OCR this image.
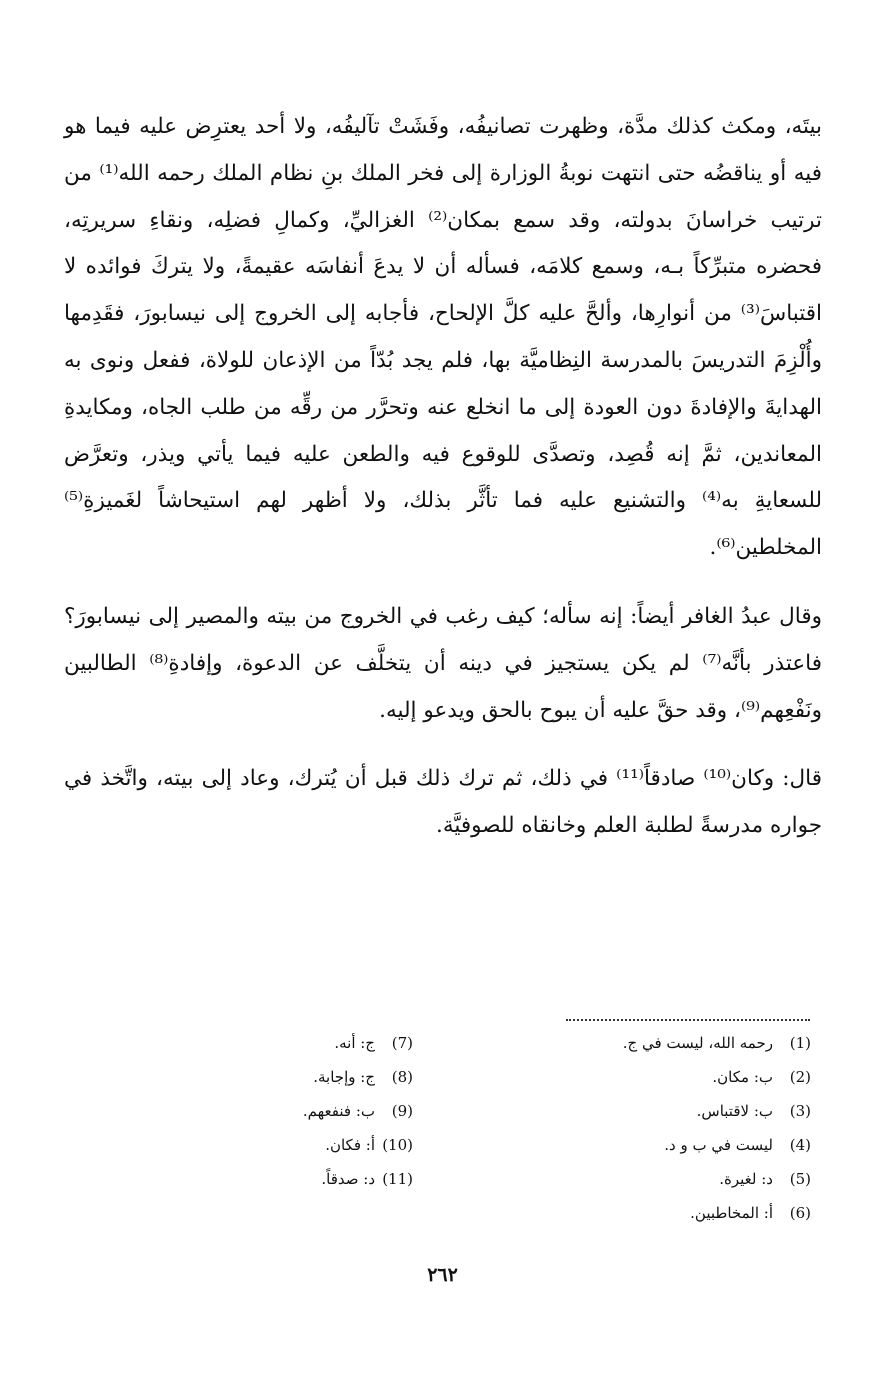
بيتَه، ومكث كذلك مدَّة، وظهرت تصانيفُه، وفَشَتْ تآليفُه، ولا أحد يعترِض عليه فيما هو فيه أو يناقضُه حتى انتهت نوبةُ الوزارة إلى فخر الملك بنِ نظام الملك رحمه الله⁽¹⁾ من ترتيب خراسانَ بدولته، وقد سمع بمكان⁽²⁾ الغزاليِّ، وكمالِ فضلِه، ونقاءِ سريرتِه، فحضره متبرِّكاً بـه، وسمع كلامَه، فسأله أن لا يدعَ أنفاسَه عقيمةً، ولا يتركَ فوائده لا اقتباسَ⁽³⁾ من أنوارِها، وألحَّ عليه كلَّ الإلحاح، فأجابه إلى الخروج إلى نيسابورَ، فقَدِمها وأُلْزِمَ التدريسَ بالمدرسة النِظاميَّة بها، فلم يجد بُدّاً من الإذعان للولاة، ففعل ونوى به الهدايةَ والإفادةَ دون العودة إلى ما انخلع عنه وتحرَّر من رقِّه من طلب الجاه، ومكايدةِ المعاندين، ثمَّ إنه قُصِد، وتصدَّى للوقوع فيه والطعن عليه فيما يأتي ويذر، وتعرَّض للسعايةِ به⁽⁴⁾ والتشنيع عليه فما تأثَّر بذلك، ولا أظهر لهم استيحاشاً لغَميزةِ⁽⁵⁾ المخلطين⁽⁶⁾.

وقال عبدُ الغافر أيضاً: إنه سأله؛ كيف رغب في الخروج من بيته والمصير إلى نيسابورَ؟ فاعتذر بأنَّه⁽⁷⁾ لم يكن يستجيز في دينه أن يتخلَّف عن الدعوة، وإفادةِ⁽⁸⁾ الطالبين ونَفْعِهم⁽⁹⁾، وقد حقَّ عليه أن يبوح بالحق ويدعو إليه.

قال: وكان⁽¹⁰⁾ صادقاً⁽¹¹⁾ في ذلك، ثم ترك ذلك قبل أن يُترك، وعاد إلى بيته، واتَّخذ في جواره مدرسةً لطلبة العلم وخانقاه للصوفيَّة.

(1)
رحمه الله، ليست في ج.
(2)
ب: مكان.
(3)
ب: لاقتباس.
(4)
ليست في ب و د.
(5)
د: لغيرة.
(6)
أ: المخاطبين.
(7)
ج: أنه.
(8)
ج: وإجابة.
(9)
ب: فنفعهم.
(10)
أ: فكان.
(11)
د: صدقاً.
٢٦٢
